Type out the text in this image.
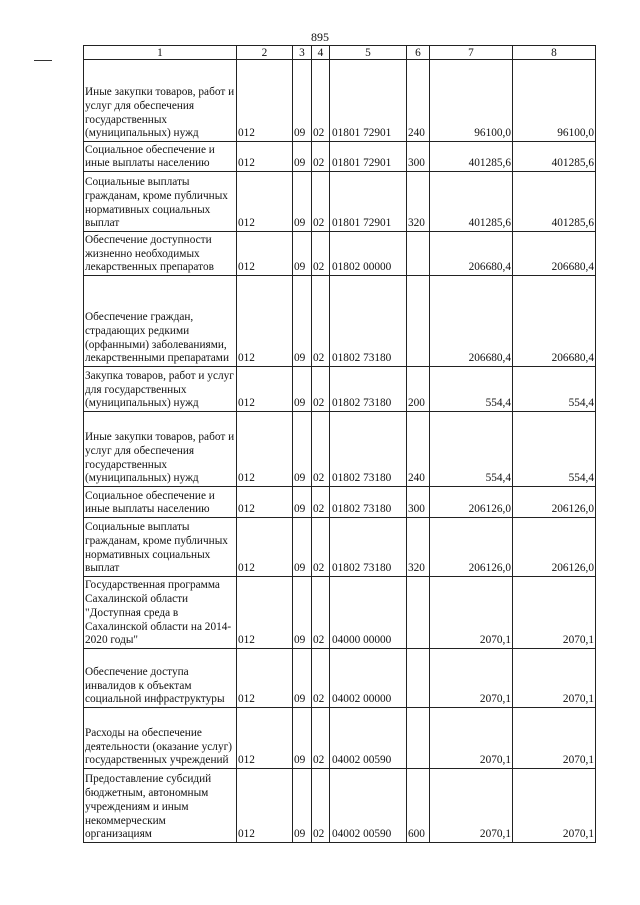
895
1	2	3	4	5	6	7	8
Иные закупки товаров, работ и услуг для обеспечения государственных (муниципальных) нужд	012	09	02	01801 72901	240	96100,0	96100,0
Социальное обеспечение и иные выплаты населению	012	09	02	01801 72901	300	401285,6	401285,6
Социальные выплаты гражданам, кроме публичных нормативных социальных выплат	012	09	02	01801 72901	320	401285,6	401285,6
Обеспечение доступности жизненно необходимых лекарственных препаратов	012	09	02	01802 00000		206680,4	206680,4
Обеспечение граждан, страдающих редкими (орфанными) заболеваниями, лекарственными препаратами	012	09	02	01802 73180		206680,4	206680,4
Закупка товаров, работ и услуг для государственных (муниципальных) нужд	012	09	02	01802 73180	200	554,4	554,4
Иные закупки товаров, работ и услуг для обеспечения государственных (муниципальных) нужд	012	09	02	01802 73180	240	554,4	554,4
Социальное обеспечение и иные выплаты населению	012	09	02	01802 73180	300	206126,0	206126,0
Социальные выплаты гражданам, кроме публичных нормативных социальных выплат	012	09	02	01802 73180	320	206126,0	206126,0
Государственная программа Сахалинской области "Доступная среда в Сахалинской области на 2014-2020 годы"	012	09	02	04000 00000		2070,1	2070,1
Обеспечение доступа инвалидов к объектам социальной инфраструктуры	012	09	02	04002 00000		2070,1	2070,1
Расходы на обеспечение деятельности (оказание услуг) государственных учреждений	012	09	02	04002 00590		2070,1	2070,1
Предоставление субсидий бюджетным, автономным учреждениям и иным некоммерческим организациям	012	09	02	04002 00590	600	2070,1	2070,1
